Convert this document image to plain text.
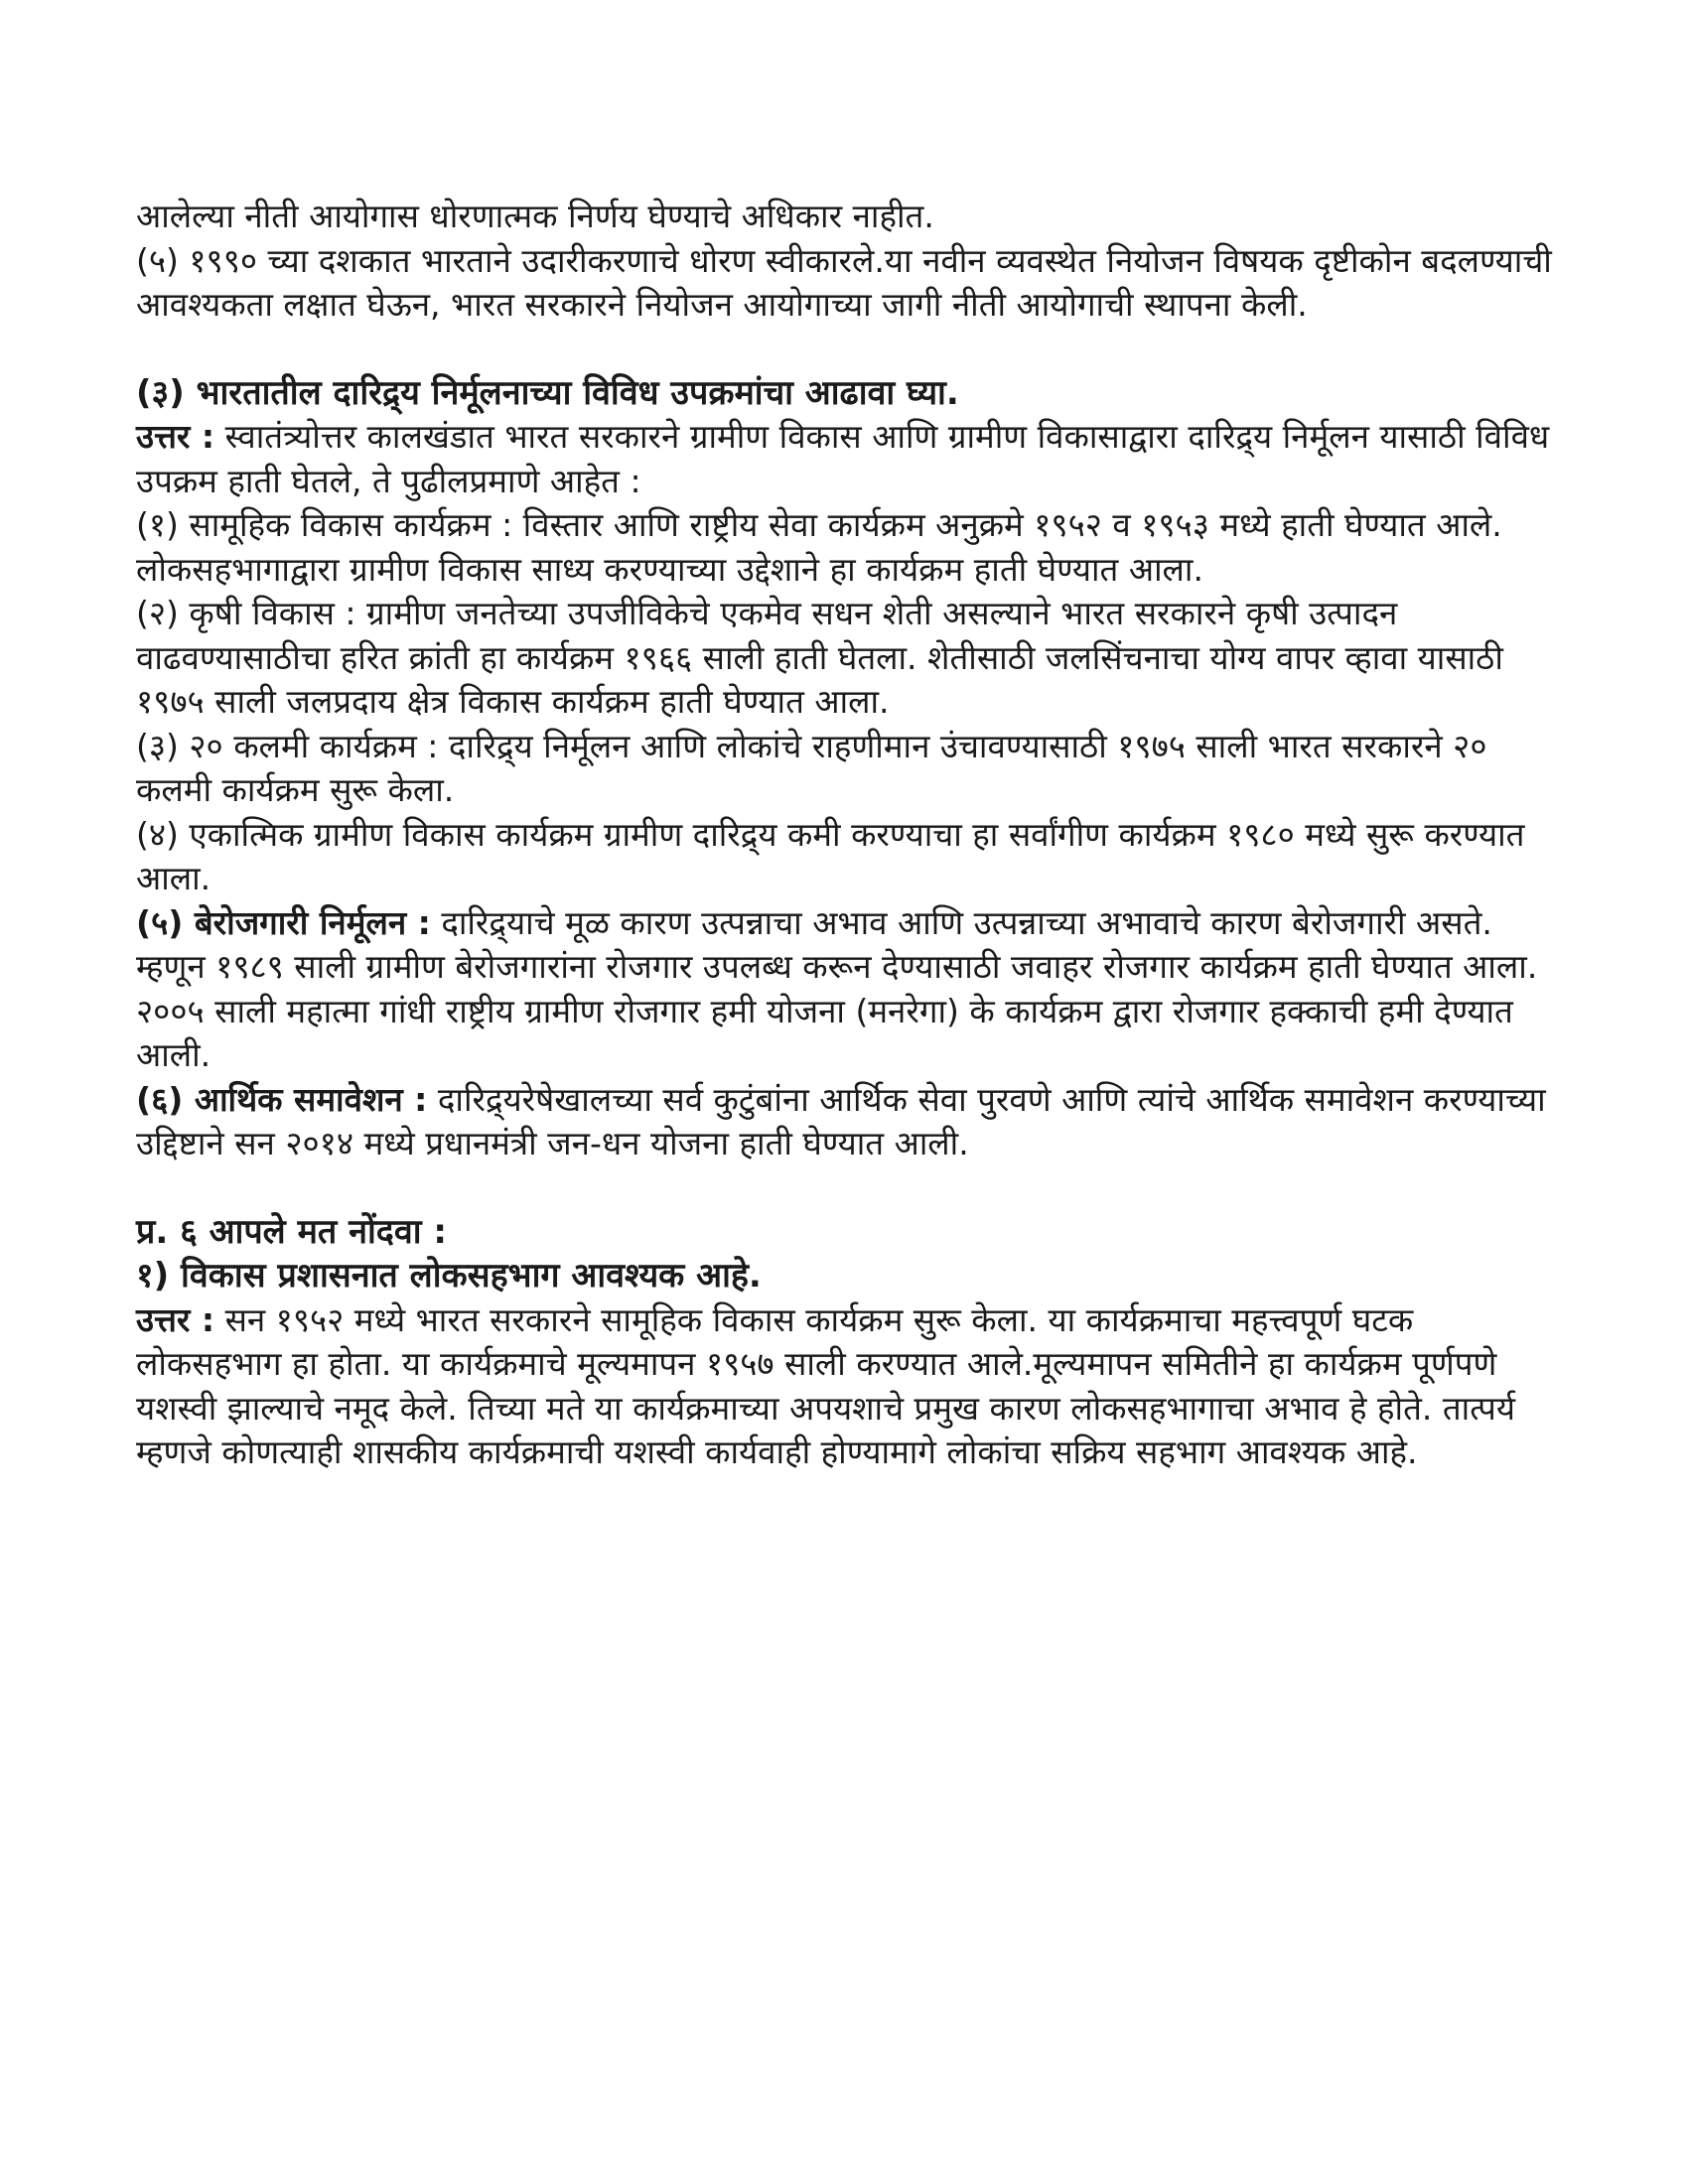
आलेल्या नीती आयोगास धोरणात्मक निर्णय घेण्याचे अधिकार नाहीत.

(५) १९९० च्या दशकात भारताने उदारीकरणाचे धोरण स्वीकारले.या नवीन व्यवस्थेत नियोजन विषयक दृष्टीकोन बदलण्याची आवश्यकता लक्षात घेऊन, भारत सरकारने नियोजन आयोगाच्या जागी नीती आयोगाची स्थापना केली.

(३) भारतातील दारिद्र्य निर्मूलनाच्या विविध उपक्रमांचा आढावा घ्या.

उत्तर : स्वातंत्र्योत्तर कालखंडात भारत सरकारने ग्रामीण विकास आणि ग्रामीण विकासाद्वारा दारिद्र्य निर्मूलन यासाठी विविध उपक्रम हाती घेतले, ते पुढीलप्रमाणे आहेत :

(१) सामूहिक विकास कार्यक्रम : विस्तार आणि राष्ट्रीय सेवा कार्यक्रम अनुक्रमे १९५२ व १९५३ मध्ये हाती घेण्यात आले. लोकसहभागाद्वारा ग्रामीण विकास साध्य करण्याच्या उद्देशाने हा कार्यक्रम हाती घेण्यात आला.

(२) कृषी विकास : ग्रामीण जनतेच्या उपजीविकेचे एकमेव सधन शेती असल्याने भारत सरकारने कृषी उत्पादन वाढवण्यासाठीचा हरित क्रांती हा कार्यक्रम १९६६ साली हाती घेतला. शेतीसाठी जलसिंचनाचा योग्य वापर व्हावा यासाठी १९७५ साली जलप्रदाय क्षेत्र विकास कार्यक्रम हाती घेण्यात आला.

(३) २० कलमी कार्यक्रम : दारिद्र्य निर्मूलन आणि लोकांचे राहणीमान उंचावण्यासाठी १९७५ साली भारत सरकारने २० कलमी कार्यक्रम सुरू केला.

(४) एकात्मिक ग्रामीण विकास कार्यक्रम ग्रामीण दारिद्र्य कमी करण्याचा हा सर्वांगीण कार्यक्रम १९८० मध्ये सुरू करण्यात आला.

(५) बेरोजगारी निर्मूलन : दारिद्र्याचे मूळ कारण उत्पन्नाचा अभाव आणि उत्पन्नाच्या अभावाचे कारण बेरोजगारी असते. म्हणून १९८९ साली ग्रामीण बेरोजगारांना रोजगार उपलब्ध करून देण्यासाठी जवाहर रोजगार कार्यक्रम हाती घेण्यात आला. २००५ साली महात्मा गांधी राष्ट्रीय ग्रामीण रोजगार हमी योजना (मनरेगा) के कार्यक्रम द्वारा रोजगार हक्काची हमी देण्यात आली.

(६) आर्थिक समावेशन : दारिद्र्यरेषेखालच्या सर्व कुटुंबांना आर्थिक सेवा पुरवणे आणि त्यांचे आर्थिक समावेशन करण्याच्या उद्दिष्टाने सन २०१४ मध्ये प्रधानमंत्री जन-धन योजना हाती घेण्यात आली.

प्र. ६ आपले मत नोंदवा :

१) विकास प्रशासनात लोकसहभाग आवश्यक आहे.

उत्तर : सन १९५२ मध्ये भारत सरकारने सामूहिक विकास कार्यक्रम सुरू केला. या कार्यक्रमाचा महत्त्वपूर्ण घटक लोकसहभाग हा होता. या कार्यक्रमाचे मूल्यमापन १९५७ साली करण्यात आले.मूल्यमापन समितीने हा कार्यक्रम पूर्णपणे यशस्वी झाल्याचे नमूद केले. तिच्या मते या कार्यक्रमाच्या अपयशाचे प्रमुख कारण लोकसहभागाचा अभाव हे होते. तात्पर्य म्हणजे कोणत्याही शासकीय कार्यक्रमाची यशस्वी कार्यवाही होण्यामागे लोकांचा सक्रिय सहभाग आवश्यक आहे.
